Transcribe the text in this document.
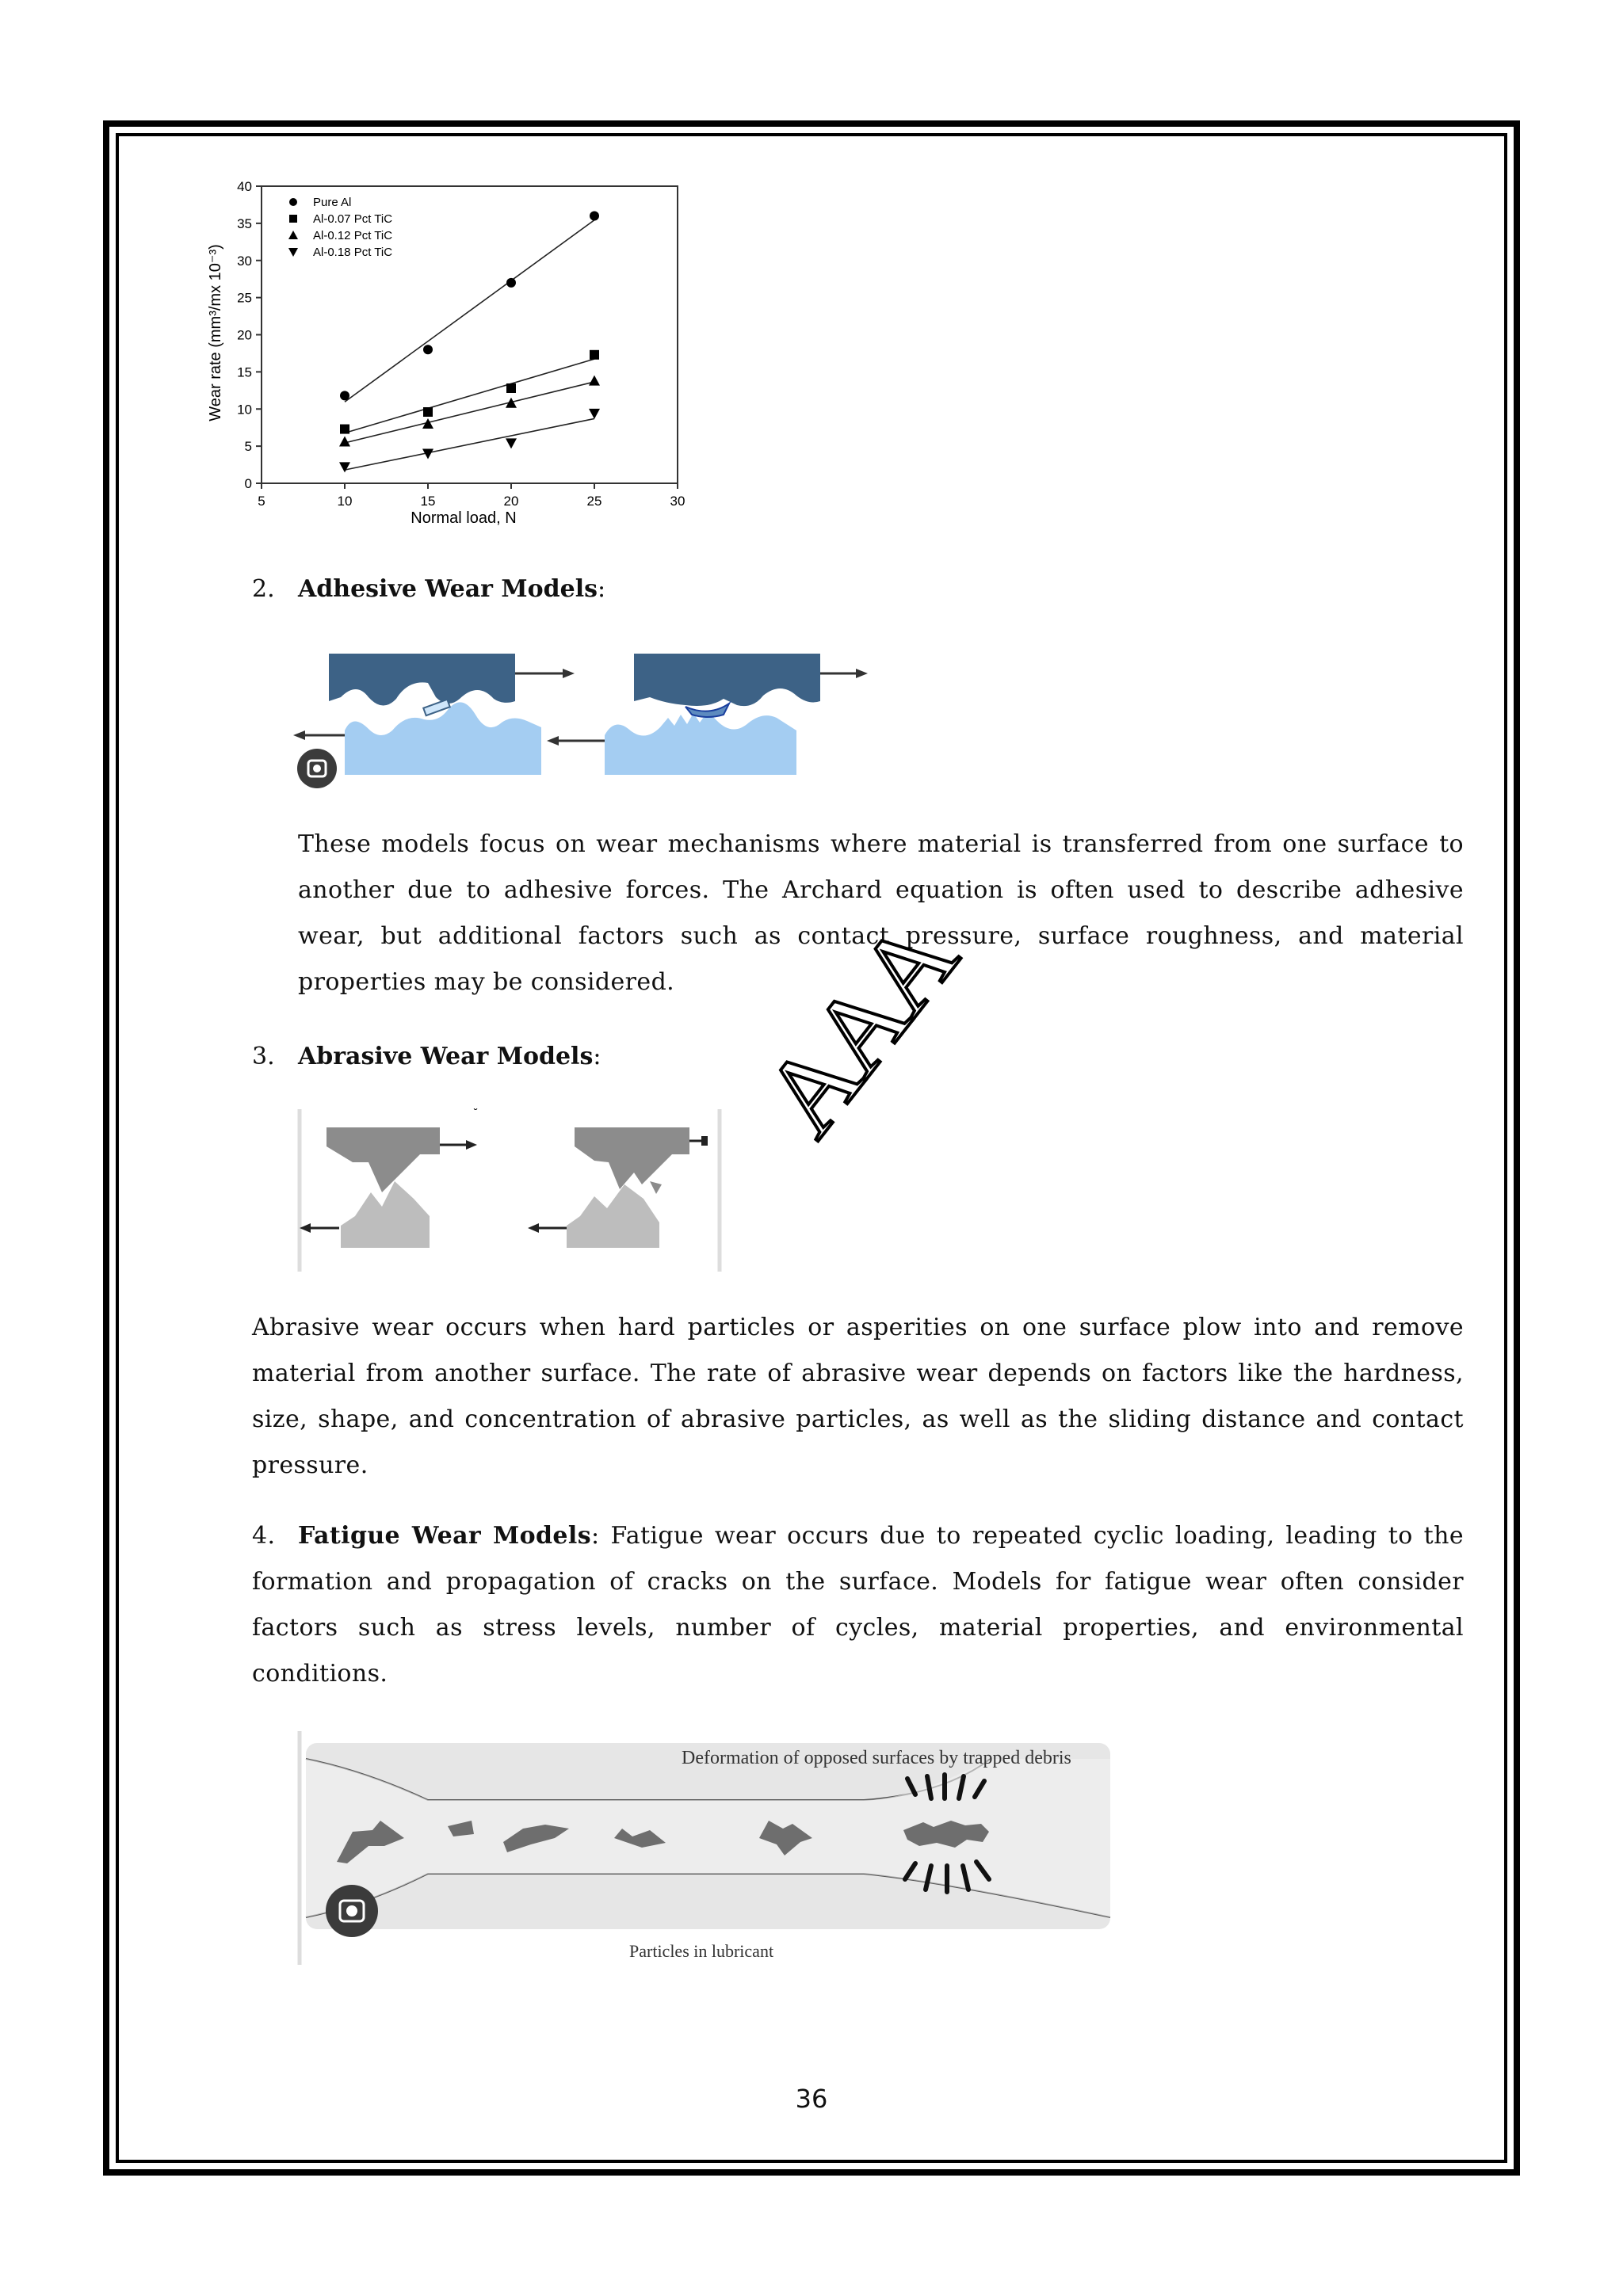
5	10	15	20	25	30
0
5
10
15
20
25
30
35
40
Pure Al
Al-0.07 Pct TiC
Al-0.12 Pct TiC
Al-0.18 Pct TiC
Normal load, N
Wear rate (mm³/mx 10⁻³)
2. Adhesive Wear Models:
These models focus on wear mechanisms where material is transferred from one surface to another due to adhesive forces. The Archard equation is often used to describe adhesive wear, but additional factors such as contact pressure, surface roughness, and material properties may be considered.
3. Abrasive Wear Models:
˘ AAA
Abrasive wear occurs when hard particles or asperities on one surface plow into and remove material from another surface. The rate of abrasive wear depends on factors like the hardness, size, shape, and concentration of abrasive particles, as well as the sliding distance and contact pressure.
4. Fatigue Wear Models: Fatigue wear occurs due to repeated cyclic loading, leading to the formation and propagation of cracks on the surface. Models for fatigue wear often consider factors such as stress levels, number of cycles, material properties, and environmental conditions.
Deformation of opposed surfaces by trapped debris
Particles in lubricant
36
